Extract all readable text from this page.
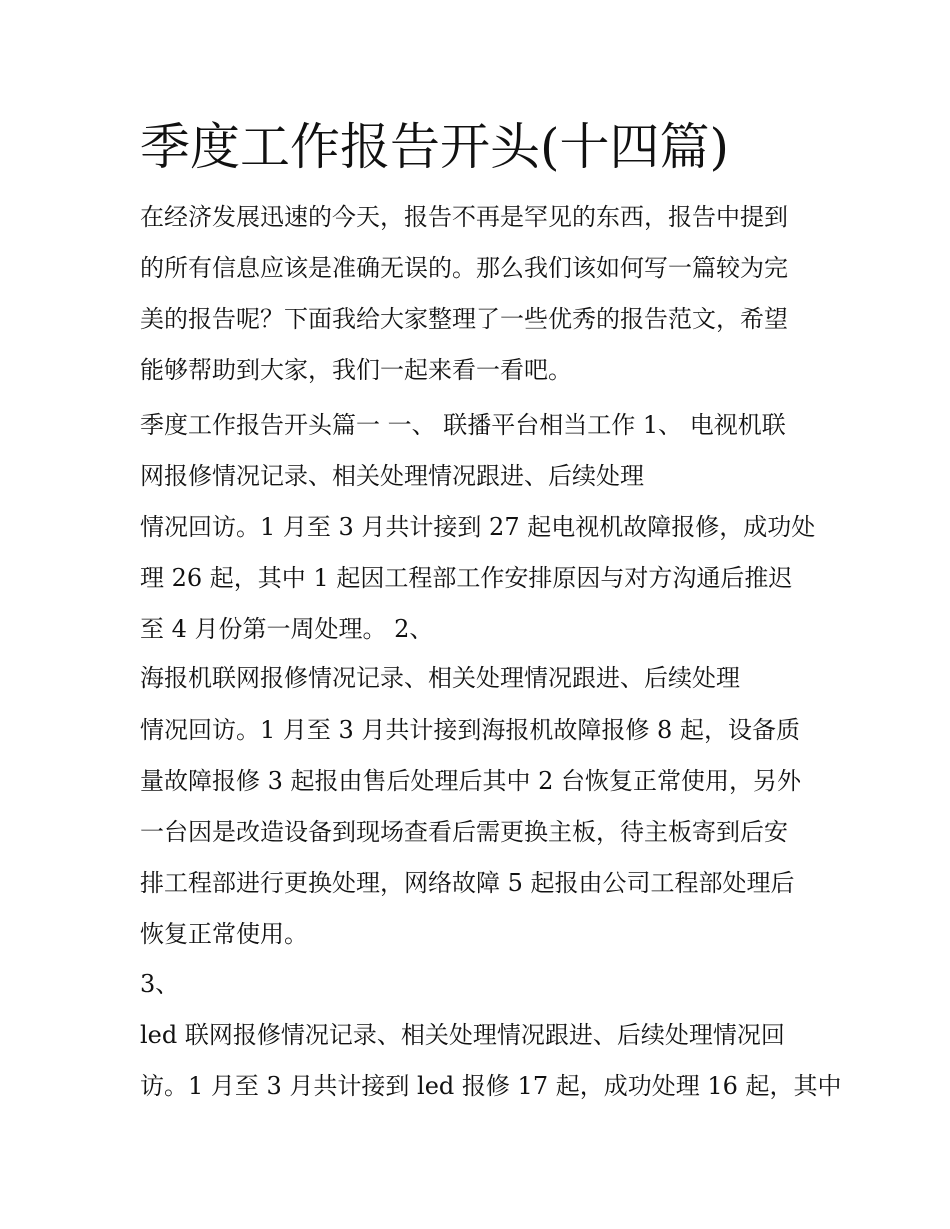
季度工作报告开头(十四篇)
在经济发展迅速的今天，报告不再是罕见的东西，报告中提到
的所有信息应该是准确无误的。那么我们该如何写一篇较为完
美的报告呢？下面我给大家整理了一些优秀的报告范文，希望
能够帮助到大家，我们一起来看一看吧。
季度工作报告开头篇一 一、 联播平台相当工作 1、 电视机联
网报修情况记录、相关处理情况跟进、后续处理
情况回访。1 月至 3 月共计接到 27 起电视机故障报修，成功处
理 26 起，其中 1 起因工程部工作安排原因与对方沟通后推迟
至 4 月份第一周处理。 2、
海报机联网报修情况记录、相关处理情况跟进、后续处理
情况回访。1 月至 3 月共计接到海报机故障报修 8 起，设备质
量故障报修 3 起报由售后处理后其中 2 台恢复正常使用，另外
一台因是改造设备到现场查看后需更换主板，待主板寄到后安
排工程部进行更换处理，网络故障 5 起报由公司工程部处理后
恢复正常使用。
3、
led 联网报修情况记录、相关处理情况跟进、后续处理情况回
访。1 月至 3 月共计接到 led 报修 17 起，成功处理 16 起，其中
